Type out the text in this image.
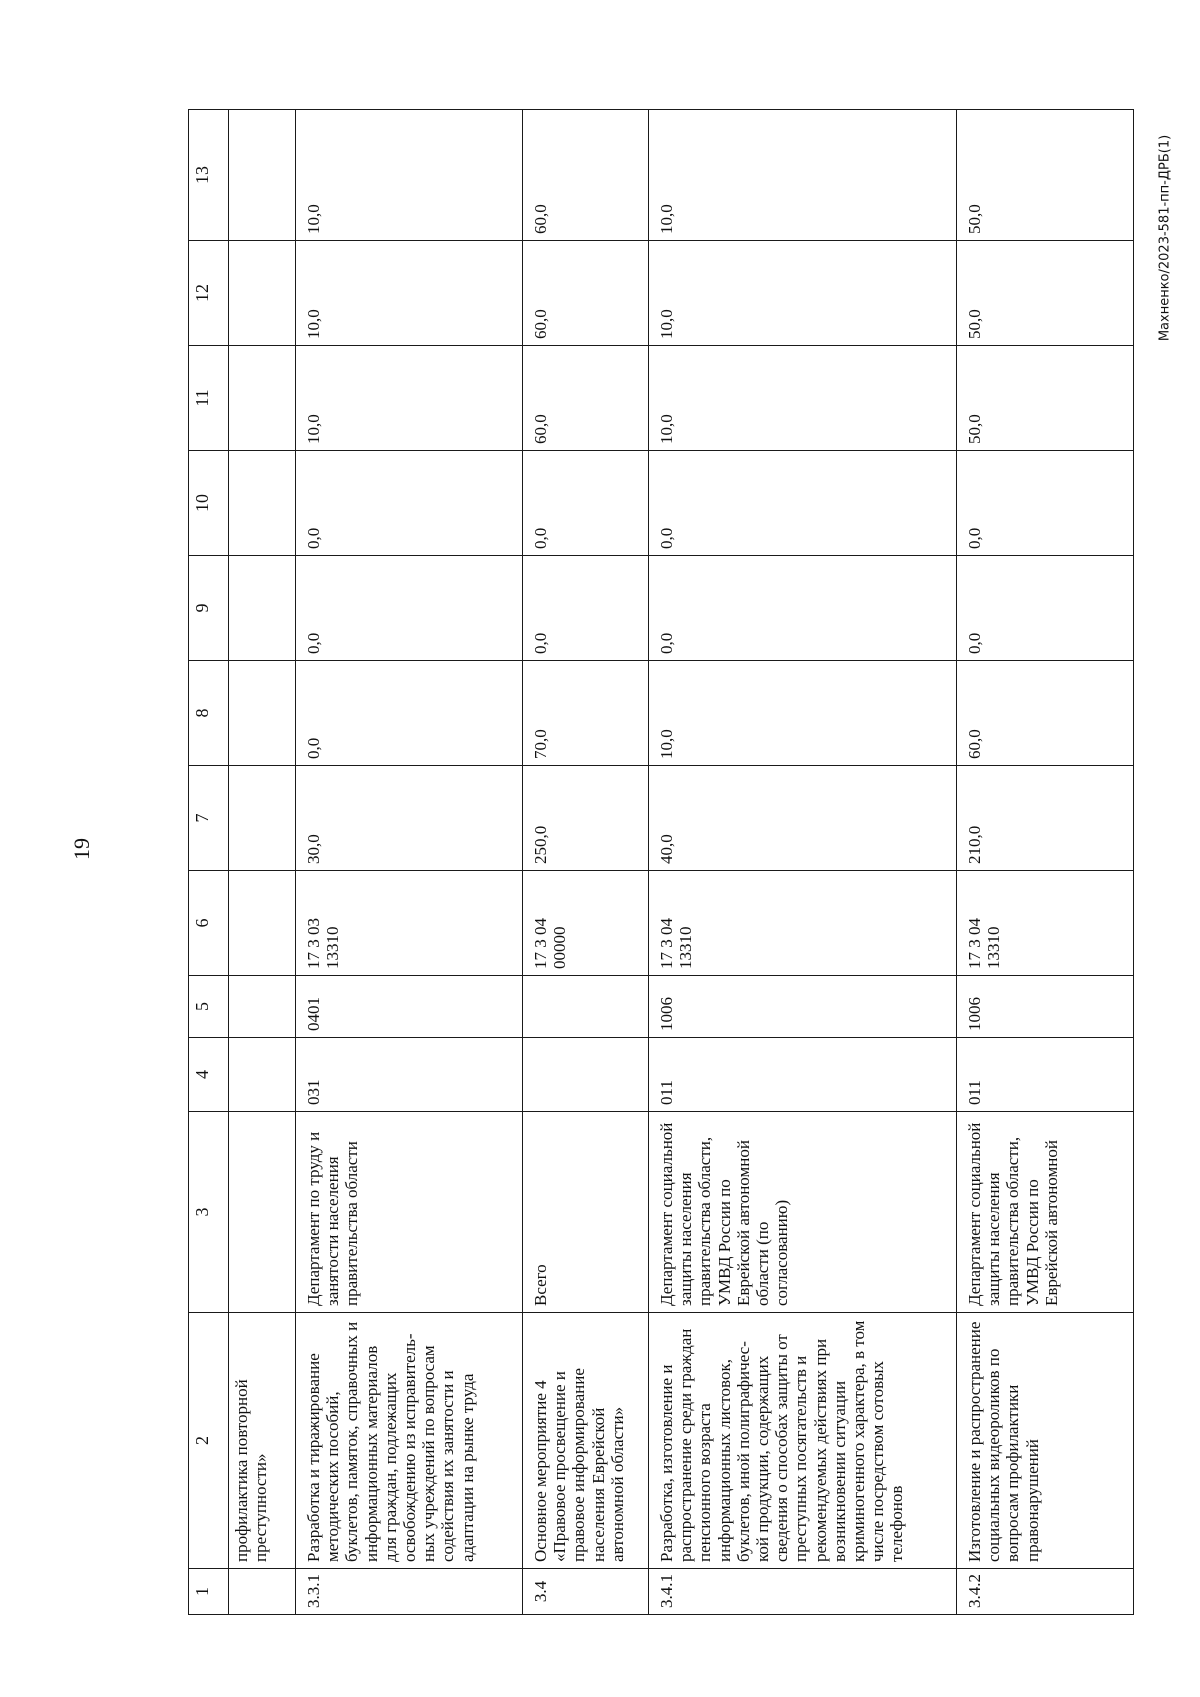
19
Махненко/2023-581-пп-ДРБ(1)
1	2	3	4	5	6	7	8	9	10	11	12	13
	профилактика повторной преступности»											
3.3.1	Разработка и тиражирование методических пособий, буклетов, памяток, справочных и информационных материалов для граждан, подлежащих освобождению из исправитель-ных учреждений по вопросам содействия их занятости и адаптации на рынке труда	Департамент по труду и занятости населения правительства области	031	0401	17 3 03 13310	30,0	0,0	0,0	0,0	10,0	10,0	10,0
3.4	Основное мероприятие 4 «Правовое просвещение и правовое информирование населения Еврейской автономной области»	Всего			17 3 04 00000	250,0	70,0	0,0	0,0	60,0	60,0	60,0
3.4.1	Разработка, изготовление и распространение среди граждан пенсионного возраста информационных листовок, буклетов, иной полиграфичес-кой продукции, содержащих сведения о способах защиты от преступных посягательств и рекомендуемых действиях при возникновении ситуации криминогенного характера, в том числе посредством сотовых телефонов	Департамент социальной защиты населения правительства области, УМВД России по Еврейской автономной области (по согласованию)	011	1006	17 3 04 13310	40,0	10,0	0,0	0,0	10,0	10,0	10,0
3.4.2	Изготовление и распространение социальных видеороликов по вопросам профилактики правонарушений	Департамент социальной защиты населения правительства области, УМВД России по Еврейской автономной	011	1006	17 3 04 13310	210,0	60,0	0,0	0,0	50,0	50,0	50,0
